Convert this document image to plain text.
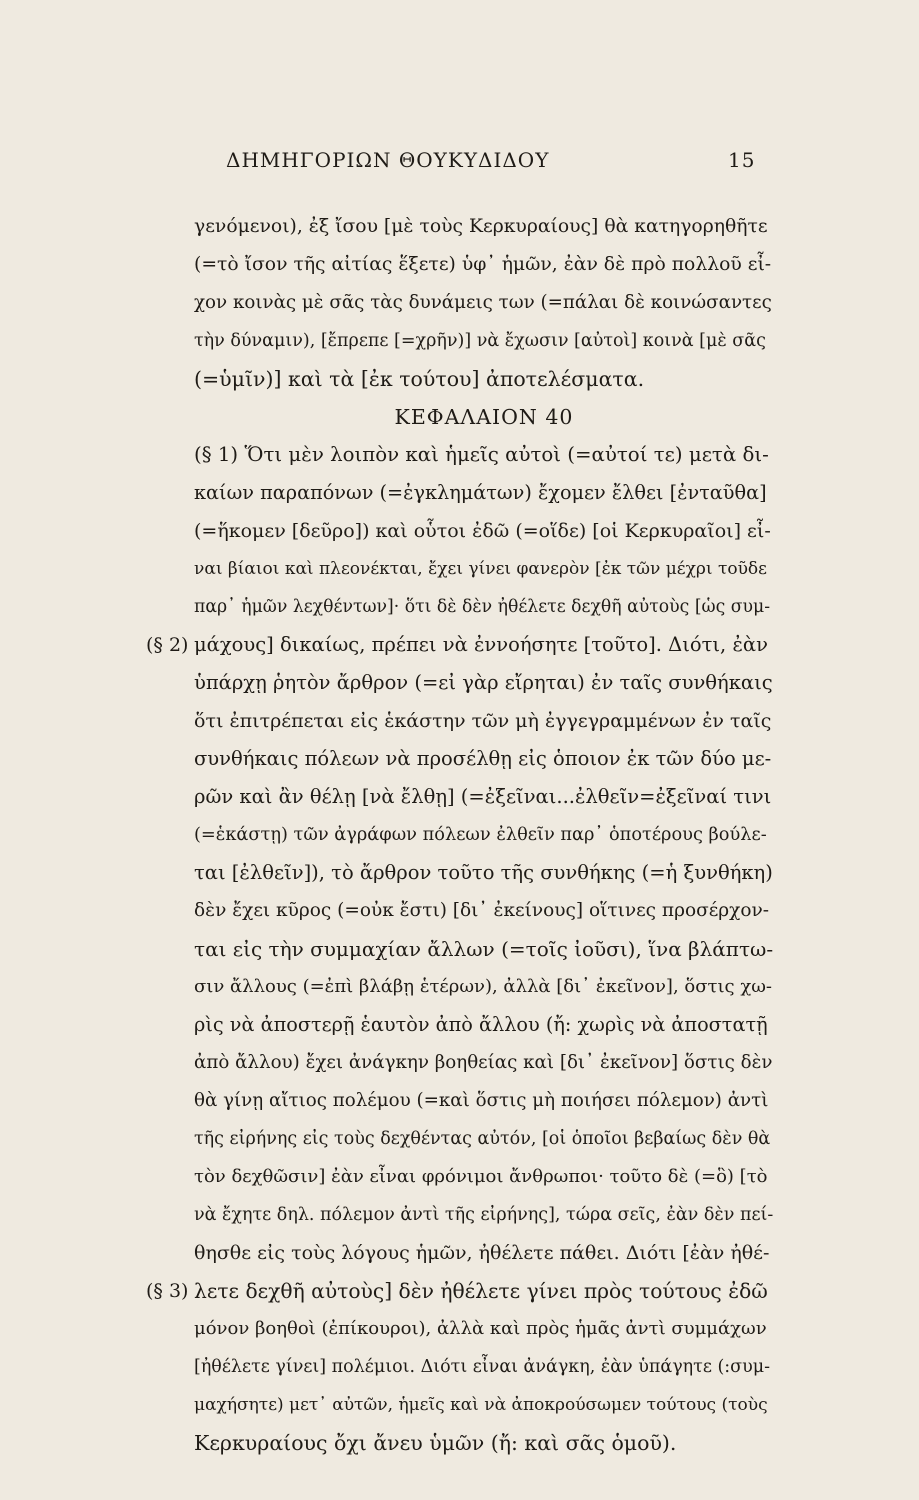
ΔΗΜΗΓΟΡΙΩΝ ΘΟΥΚΥΔΙΔΟΥ	15
γενόμενοι), ἐξ ἴσου [μὲ τοὺς Κερκυραίους] θὰ κατηγορηθῆτε
(=τὸ ἴσον τῆς αἰτίας ἕξετε) ὑφ᾿ ἡμῶν, ἐὰν δὲ πρὸ πολλοῦ εἶ-
χον κοινὰς μὲ σᾶς τὰς δυνάμεις των (=πάλαι δὲ κοινώσαντες
τὴν δύναμιν), [ἔπρεπε [=χρῆν)] νὰ ἔχωσιν [αὐτοὶ] κοινὰ [μὲ σᾶς
(=ὑμῖν)] καὶ τὰ [ἐκ τούτου] ἀποτελέσματα.
ΚΕΦΑΛΑΙΟΝ 40
(§ 1) Ὅτι μὲν λοιπὸν καὶ ἡμεῖς αὐτοὶ (=αὐτοί τε) μετὰ δι-
καίων παραπόνων (=ἐγκλημάτων) ἔχομεν ἔλθει [ἐνταῦθα]
(=ἥκομεν [δεῦρο]) καὶ οὗτοι ἐδῶ (=οἵδε) [οἱ Κερκυραῖοι] εἶ-
ναι βίαιοι καὶ πλεονέκται, ἔχει γίνει φανερὸν [ἐκ τῶν μέχρι τοῦδε
παρ᾿ ἡμῶν λεχθέντων]· ὅτι δὲ δὲν ἠθέλετε δεχθῆ αὐτοὺς [ὡς συμ-
(§ 2) μάχους] δικαίως, πρέπει νὰ ἐννοήσητε [τοῦτο]. Διότι, ἐὰν
ὑπάρχῃ ῥητὸν ἄρθρον (=εἰ γὰρ εἴρηται) ἐν ταῖς συνθήκαις
ὅτι ἐπιτρέπεται εἰς ἑκάστην τῶν μὴ ἐγγεγραμμένων ἐν ταῖς
συνθήκαις πόλεων νὰ προσέλθῃ εἰς ὁποιον ἐκ τῶν δύο με-
ρῶν καὶ ἂν θέλῃ [νὰ ἔλθῃ] (=ἐξεῖναι...ἐλθεῖν=ἐξεῖναί τινι
(=ἑκάστῃ) τῶν ἀγράφων πόλεων ἐλθεῖν παρ᾿ ὁποτέρους βούλε-
ται [ἐλθεῖν]), τὸ ἄρθρον τοῦτο τῆς συνθήκης (=ἡ ξυνθήκη)
δὲν ἔχει κῦρος (=οὐκ ἔστι) [δι᾿ ἐκείνους] οἵτινες προσέρχον-
ται εἰς τὴν συμμαχίαν ἄλλων (=τοῖς ἰοῦσι), ἵνα βλάπτω-
σιν ἄλλους (=ἐπὶ βλάβῃ ἑτέρων), ἀλλὰ [δι᾿ ἐκεῖνον], ὅστις χω-
ρὶς νὰ ἀποστερῇ ἑαυτὸν ἀπὸ ἄλλου (ἤ: χωρὶς νὰ ἀποστατῇ
ἀπὸ ἄλλου) ἔχει ἀνάγκην βοηθείας καὶ [δι᾿ ἐκεῖνον] ὅστις δὲν
θὰ γίνῃ αἴτιος πολέμου (=καὶ ὅστις μὴ ποιήσει πόλεμον) ἀντὶ
τῆς εἰρήνης εἰς τοὺς δεχθέντας αὐτόν, [οἱ ὁποῖοι βεβαίως δὲν θὰ
τὸν δεχθῶσιν] ἐὰν εἶναι φρόνιμοι ἄνθρωποι· τοῦτο δὲ (=ὃ) [τὸ
νὰ ἔχητε δηλ. πόλεμον ἀντὶ τῆς εἰρήνης], τώρα σεῖς, ἐὰν δὲν πεί-
θησθε εἰς τοὺς λόγους ἡμῶν, ἠθέλετε πάθει. Διότι [ἐὰν ἠθέ-
(§ 3) λετε δεχθῆ αὐτοὺς] δὲν ἠθέλετε γίνει πρὸς τούτους ἐδῶ
μόνον βοηθοὶ (ἐπίκουροι), ἀλλὰ καὶ πρὸς ἡμᾶς ἀντὶ συμμάχων
[ἠθέλετε γίνει] πολέμιοι. Διότι εἶναι ἀνάγκη, ἐὰν ὑπάγητε (:συμ-
μαχήσητε) μετ᾿ αὐτῶν, ἡμεῖς καὶ νὰ ἀποκρούσωμεν τούτους (τοὺς
Κερκυραίους ὄχι ἄνευ ὑμῶν (ἤ: καὶ σᾶς ὁμοῦ).
